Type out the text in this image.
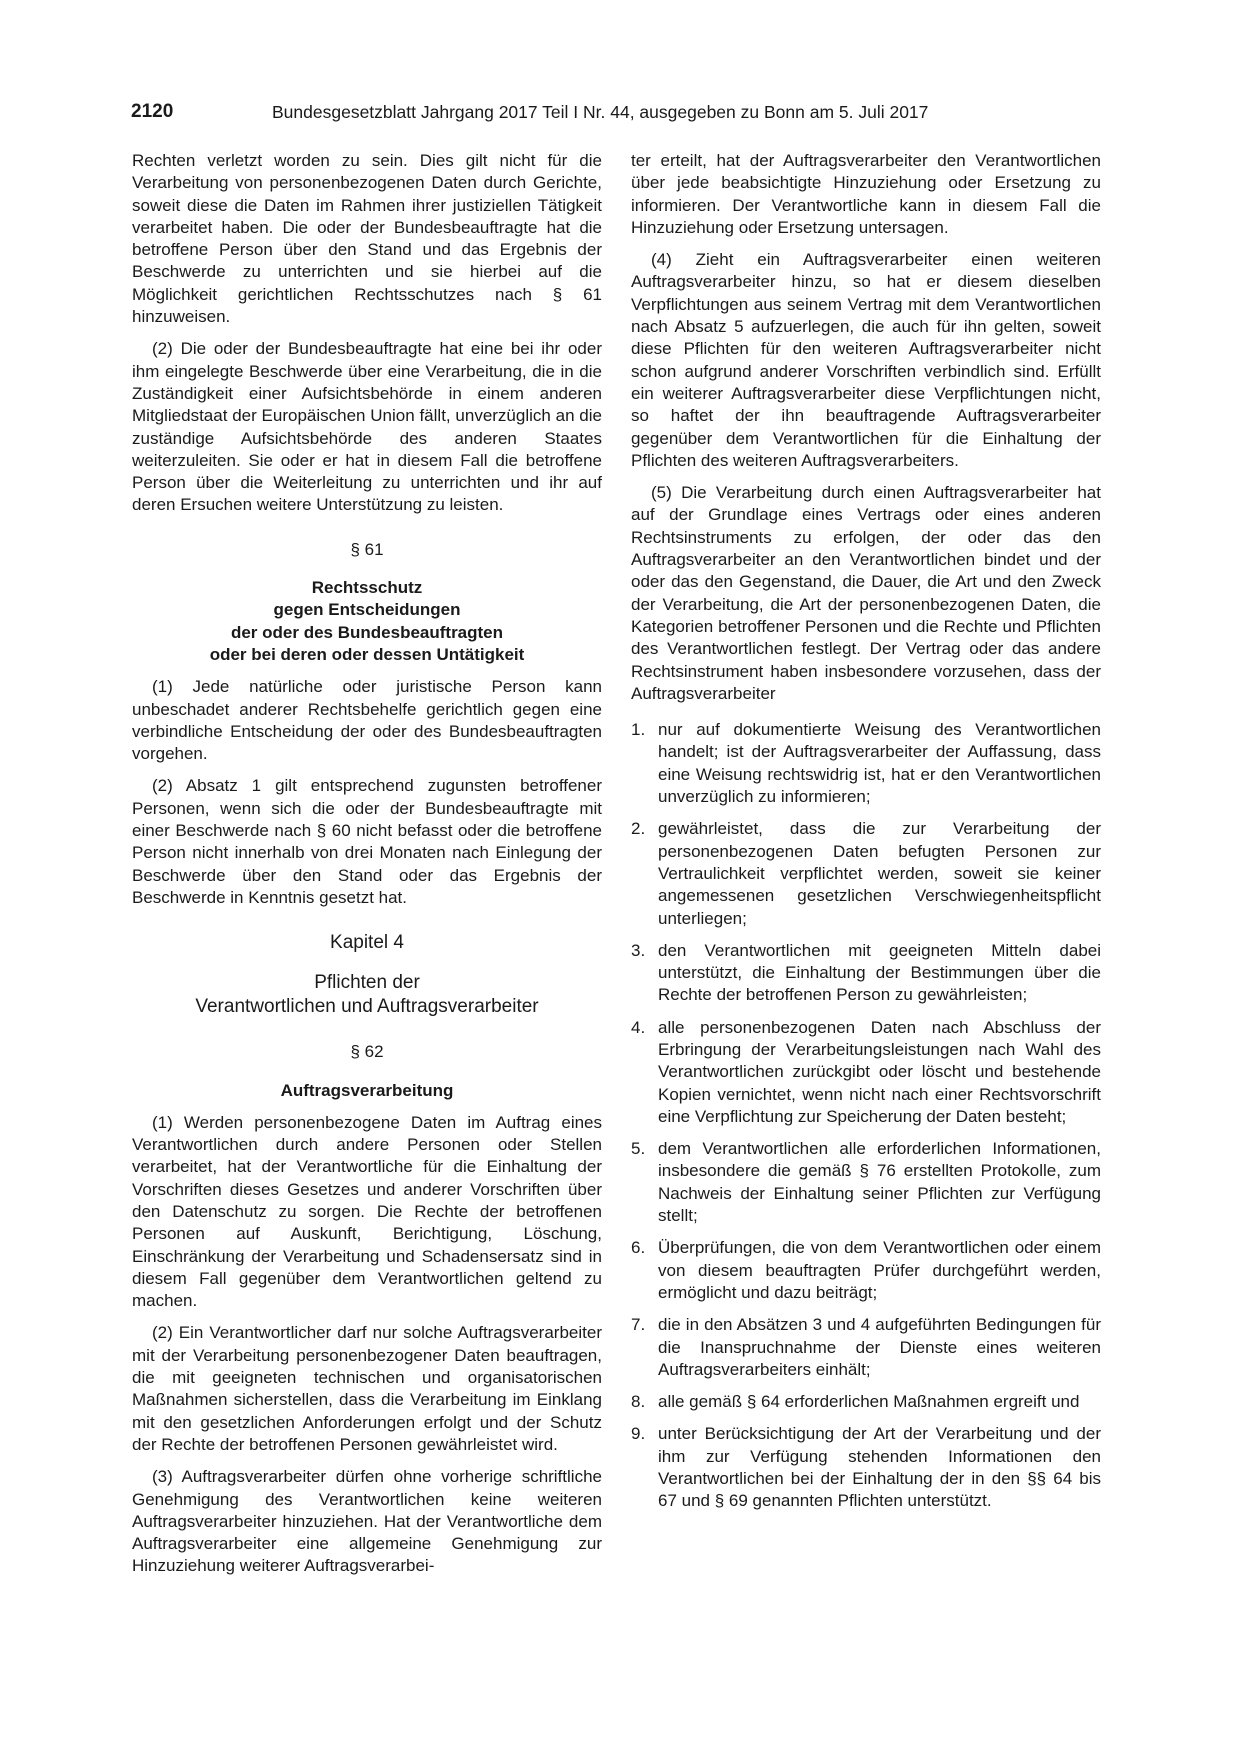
2120	Bundesgesetzblatt Jahrgang 2017 Teil I Nr. 44, ausgegeben zu Bonn am 5. Juli 2017

Rechten verletzt worden zu sein. Dies gilt nicht für die Verarbeitung von personenbezogenen Daten durch Gerichte, soweit diese die Daten im Rahmen ihrer justiziellen Tätigkeit verarbeitet haben. Die oder der Bundesbeauftragte hat die betroffene Person über den Stand und das Ergebnis der Beschwerde zu unterrichten und sie hierbei auf die Möglichkeit gerichtlichen Rechtsschutzes nach § 61 hinzuweisen.

(2) Die oder der Bundesbeauftragte hat eine bei ihr oder ihm eingelegte Beschwerde über eine Verarbeitung, die in die Zuständigkeit einer Aufsichtsbehörde in einem anderen Mitgliedstaat der Europäischen Union fällt, unverzüglich an die zuständige Aufsichtsbehörde des anderen Staates weiterzuleiten. Sie oder er hat in diesem Fall die betroffene Person über die Weiterleitung zu unterrichten und ihr auf deren Ersuchen weitere Unterstützung zu leisten.

§ 61
Rechtsschutz
gegen Entscheidungen
der oder des Bundesbeauftragten
oder bei deren oder dessen Untätigkeit

(1) Jede natürliche oder juristische Person kann unbeschadet anderer Rechtsbehelfe gerichtlich gegen eine verbindliche Entscheidung der oder des Bundesbeauftragten vorgehen.

(2) Absatz 1 gilt entsprechend zugunsten betroffener Personen, wenn sich die oder der Bundesbeauftragte mit einer Beschwerde nach § 60 nicht befasst oder die betroffene Person nicht innerhalb von drei Monaten nach Einlegung der Beschwerde über den Stand oder das Ergebnis der Beschwerde in Kenntnis gesetzt hat.

Kapitel 4
Pflichten der
Verantwortlichen und Auftragsverarbeiter
§ 62
Auftragsverarbeitung

(1) Werden personenbezogene Daten im Auftrag eines Verantwortlichen durch andere Personen oder Stellen verarbeitet, hat der Verantwortliche für die Einhaltung der Vorschriften dieses Gesetzes und anderer Vorschriften über den Datenschutz zu sorgen. Die Rechte der betroffenen Personen auf Auskunft, Berichtigung, Löschung, Einschränkung der Verarbeitung und Schadensersatz sind in diesem Fall gegenüber dem Verantwortlichen geltend zu machen.

(2) Ein Verantwortlicher darf nur solche Auftragsverarbeiter mit der Verarbeitung personenbezogener Daten beauftragen, die mit geeigneten technischen und organisatorischen Maßnahmen sicherstellen, dass die Verarbeitung im Einklang mit den gesetzlichen Anforderungen erfolgt und der Schutz der Rechte der betroffenen Personen gewährleistet wird.

(3) Auftragsverarbeiter dürfen ohne vorherige schriftliche Genehmigung des Verantwortlichen keine weiteren Auftragsverarbeiter hinzuziehen. Hat der Verantwortliche dem Auftragsverarbeiter eine allgemeine Genehmigung zur Hinzuziehung weiterer Auftragsverarbei-

ter erteilt, hat der Auftragsverarbeiter den Verantwortlichen über jede beabsichtigte Hinzuziehung oder Ersetzung zu informieren. Der Verantwortliche kann in diesem Fall die Hinzuziehung oder Ersetzung untersagen.

(4) Zieht ein Auftragsverarbeiter einen weiteren Auftragsverarbeiter hinzu, so hat er diesem dieselben Verpflichtungen aus seinem Vertrag mit dem Verantwortlichen nach Absatz 5 aufzuerlegen, die auch für ihn gelten, soweit diese Pflichten für den weiteren Auftragsverarbeiter nicht schon aufgrund anderer Vorschriften verbindlich sind. Erfüllt ein weiterer Auftragsverarbeiter diese Verpflichtungen nicht, so haftet der ihn beauftragende Auftragsverarbeiter gegenüber dem Verantwortlichen für die Einhaltung der Pflichten des weiteren Auftragsverarbeiters.

(5) Die Verarbeitung durch einen Auftragsverarbeiter hat auf der Grundlage eines Vertrags oder eines anderen Rechtsinstruments zu erfolgen, der oder das den Auftragsverarbeiter an den Verantwortlichen bindet und der oder das den Gegenstand, die Dauer, die Art und den Zweck der Verarbeitung, die Art der personenbezogenen Daten, die Kategorien betroffener Personen und die Rechte und Pflichten des Verantwortlichen festlegt. Der Vertrag oder das andere Rechtsinstrument haben insbesondere vorzusehen, dass der Auftragsverarbeiter

1. nur auf dokumentierte Weisung des Verantwortlichen handelt; ist der Auftragsverarbeiter der Auffassung, dass eine Weisung rechtswidrig ist, hat er den Verantwortlichen unverzüglich zu informieren;
2. gewährleistet, dass die zur Verarbeitung der personenbezogenen Daten befugten Personen zur Vertraulichkeit verpflichtet werden, soweit sie keiner angemessenen gesetzlichen Verschwiegenheitspflicht unterliegen;
3. den Verantwortlichen mit geeigneten Mitteln dabei unterstützt, die Einhaltung der Bestimmungen über die Rechte der betroffenen Person zu gewährleisten;
4. alle personenbezogenen Daten nach Abschluss der Erbringung der Verarbeitungsleistungen nach Wahl des Verantwortlichen zurückgibt oder löscht und bestehende Kopien vernichtet, wenn nicht nach einer Rechtsvorschrift eine Verpflichtung zur Speicherung der Daten besteht;
5. dem Verantwortlichen alle erforderlichen Informationen, insbesondere die gemäß § 76 erstellten Protokolle, zum Nachweis der Einhaltung seiner Pflichten zur Verfügung stellt;
6. Überprüfungen, die von dem Verantwortlichen oder einem von diesem beauftragten Prüfer durchgeführt werden, ermöglicht und dazu beiträgt;
7. die in den Absätzen 3 und 4 aufgeführten Bedingungen für die Inanspruchnahme der Dienste eines weiteren Auftragsverarbeiters einhält;
8. alle gemäß § 64 erforderlichen Maßnahmen ergreift und
9. unter Berücksichtigung der Art der Verarbeitung und der ihm zur Verfügung stehenden Informationen den Verantwortlichen bei der Einhaltung der in den §§ 64 bis 67 und § 69 genannten Pflichten unterstützt.
